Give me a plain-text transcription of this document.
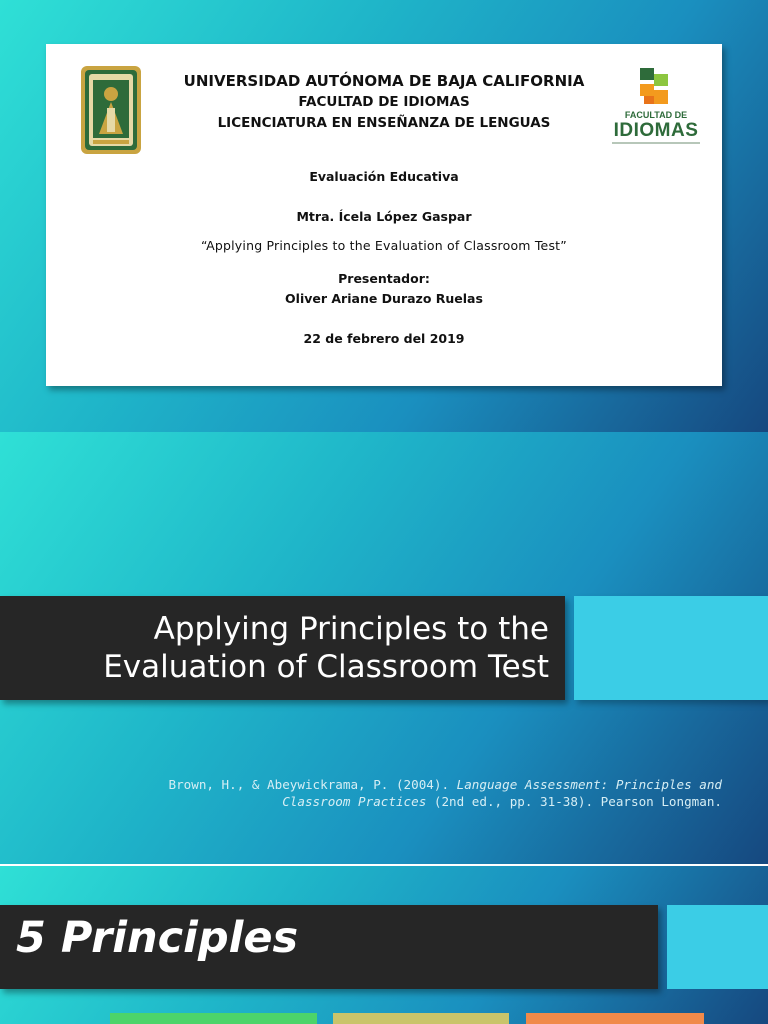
UNIVERSIDAD AUTÓNOMA DE BAJA CALIFORNIA
FACULTAD DE IDIOMAS
LICENCIATURA EN ENSEÑANZA DE LENGUAS
Evaluación Educativa
Mtra. Ícela López Gaspar
“Applying Principles to the Evaluation of Classroom Test”
Presentador:
Oliver Ariane Durazo Ruelas
22 de febrero del 2019
FACULTAD DE
IDIOMAS
Applying Principles to the
Evaluation of Classroom Test
Brown, H., & Abeywickrama, P. (2004). Language Assessment: Principles and
Classroom Practices (2nd ed., pp. 31-38). Pearson Longman.
5 Principles
